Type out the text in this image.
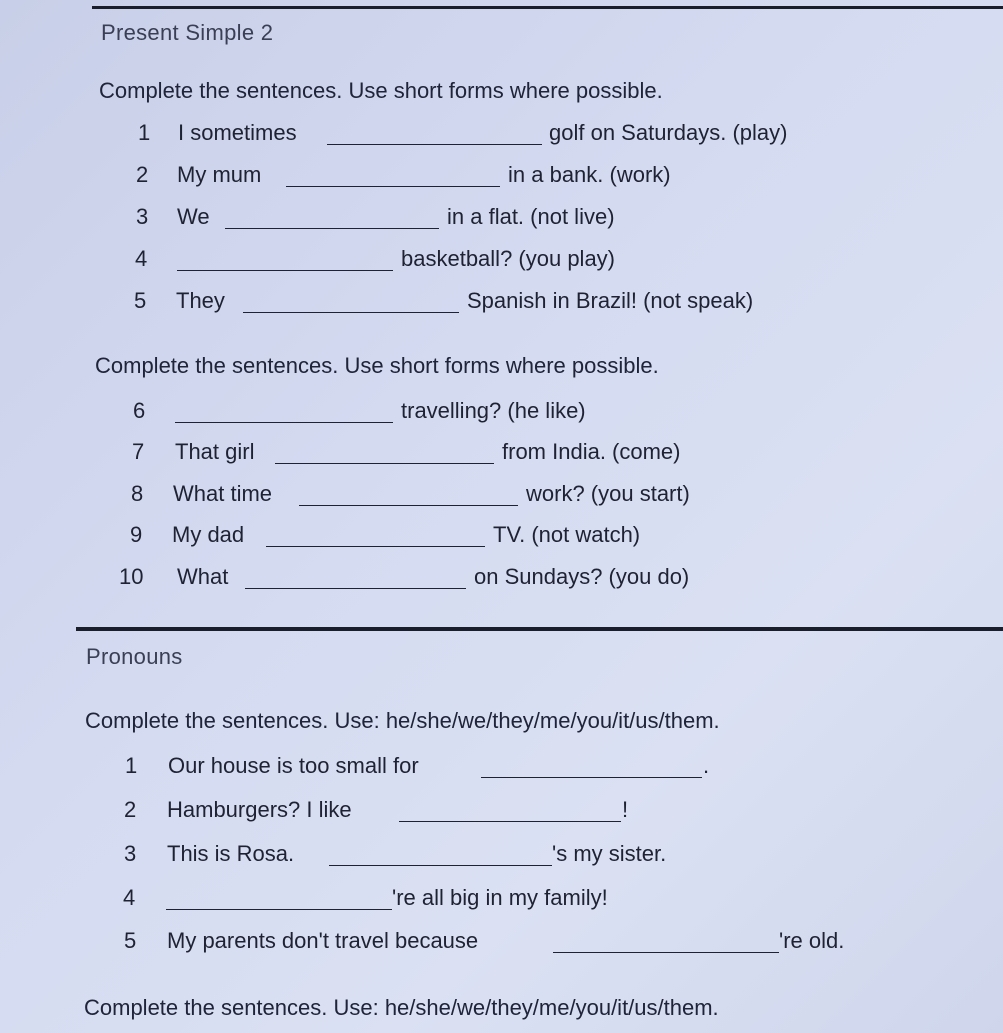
Present Simple 2
Complete the sentences. Use short forms where possible.
1 I sometimes	golf on Saturdays. (play)
2 My mum	in a bank. (work)
3 We	in a flat. (not live)
4	basketball? (you play)
5 They	Spanish in Brazil! (not speak)
Complete the sentences. Use short forms where possible.
6	travelling? (he like)
7 That girl	from India. (come)
8 What time	work? (you start)
9 My dad	TV. (not watch)
10 What	on Sundays? (you do)
Pronouns
Complete the sentences. Use: he/she/we/they/me/you/it/us/them.
1 Our house is too small for	.
2 Hamburgers? I like	!
3 This is Rosa.	's my sister.
4	're all big in my family!
5 My parents don't travel because	're old.
Complete the sentences. Use: he/she/we/they/me/you/it/us/them.
